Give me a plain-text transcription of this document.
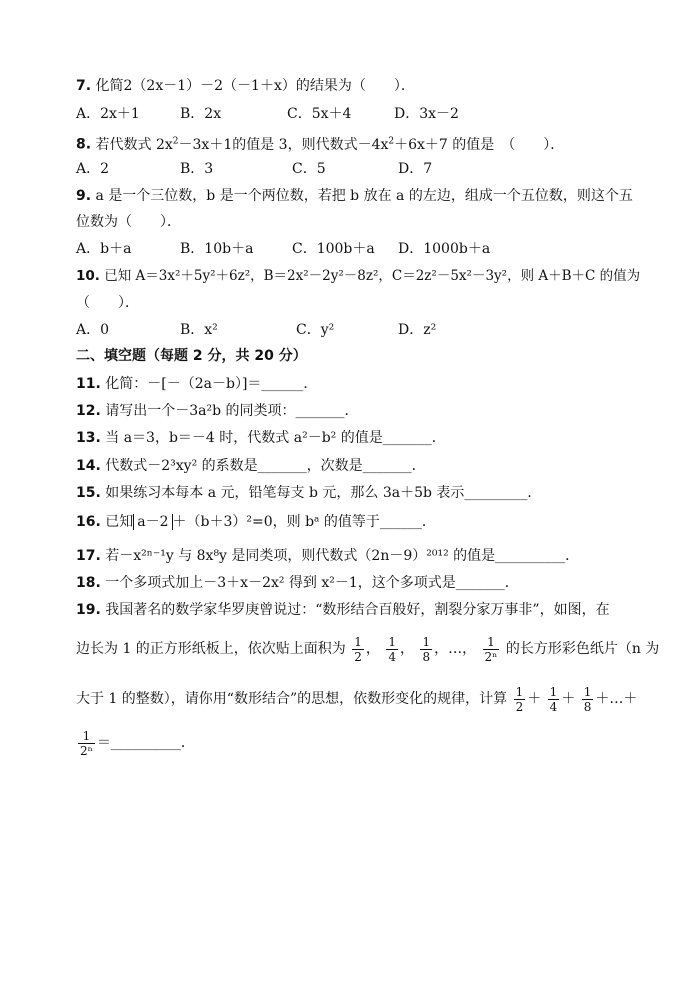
7. 化简2（2x－1）－2（－1＋x）的结果为（　　）．
A．2x＋1	B．2x	C．5x＋4	D．3x－2
8. 若代数式 $2x^2-3x+1$的值是 3，则代数式$-4x^2+6x+7$ 的值是　（　　）．
A．2	B．3	C．5	D．7
9. a 是一个三位数，b 是一个两位数，若把 b 放在 a 的左边，组成一个五位数，则这个五
位数为（　　）．
A．b＋a	B．10b＋a	C．100b＋a D．1000b＋a
10. 已知 A＝3x²＋5y²＋6z²，B＝2x²－2y²－8z²，C＝2z²－5x²－3y²，则 A＋B＋C 的值为
（　　）．
A．0	B．x²	C．y²	D．z²
二、填空题（每题 2 分，共 20 分）
11. 化简：－[－（2a－b）]＝______．
12. 请写出一个－3a²b 的同类项：_______．
13. 当 a＝3，b＝－4 时，代数式 a²－b² 的值是_______．
14. 代数式－2³xy² 的系数是_______，次数是_______．
15. 如果练习本每本 a 元，铅笔每支 b 元，那么 3a＋5b 表示_________．
16. 已知 a－2 ＋（b＋3）²=0，则 bᵃ 的值等于______．
17. 若－x²ⁿ⁻¹y 与 8x⁸y 是同类项，则代数式（2n－9）²⁰¹² 的值是__________．
18. 一个多项式加上－3＋x－2x² 得到 x²－1，这个多项式是_______．
19. 我国著名的数学家华罗庚曾说过：“数形结合百般好，割裂分家万事非”，如图，在
边长为 1 的正方形纸板上，依次贴上面积为 $\frac{1}{2}$ ， $\frac{1}{4}$ ， $\frac{1}{8}$ ，…， $\frac{1}{\text{2ⁿ}}$ 的长方形彩色纸片（n 为
大于 1 的整数），请你用“数形结合”的思想，依数形变化的规律，计算 $\frac{1}{2} + \frac{1}{4} + \frac{1}{8}$ ＋…＋
$\frac{1}{\text{2ⁿ}}$ ＝__________．
